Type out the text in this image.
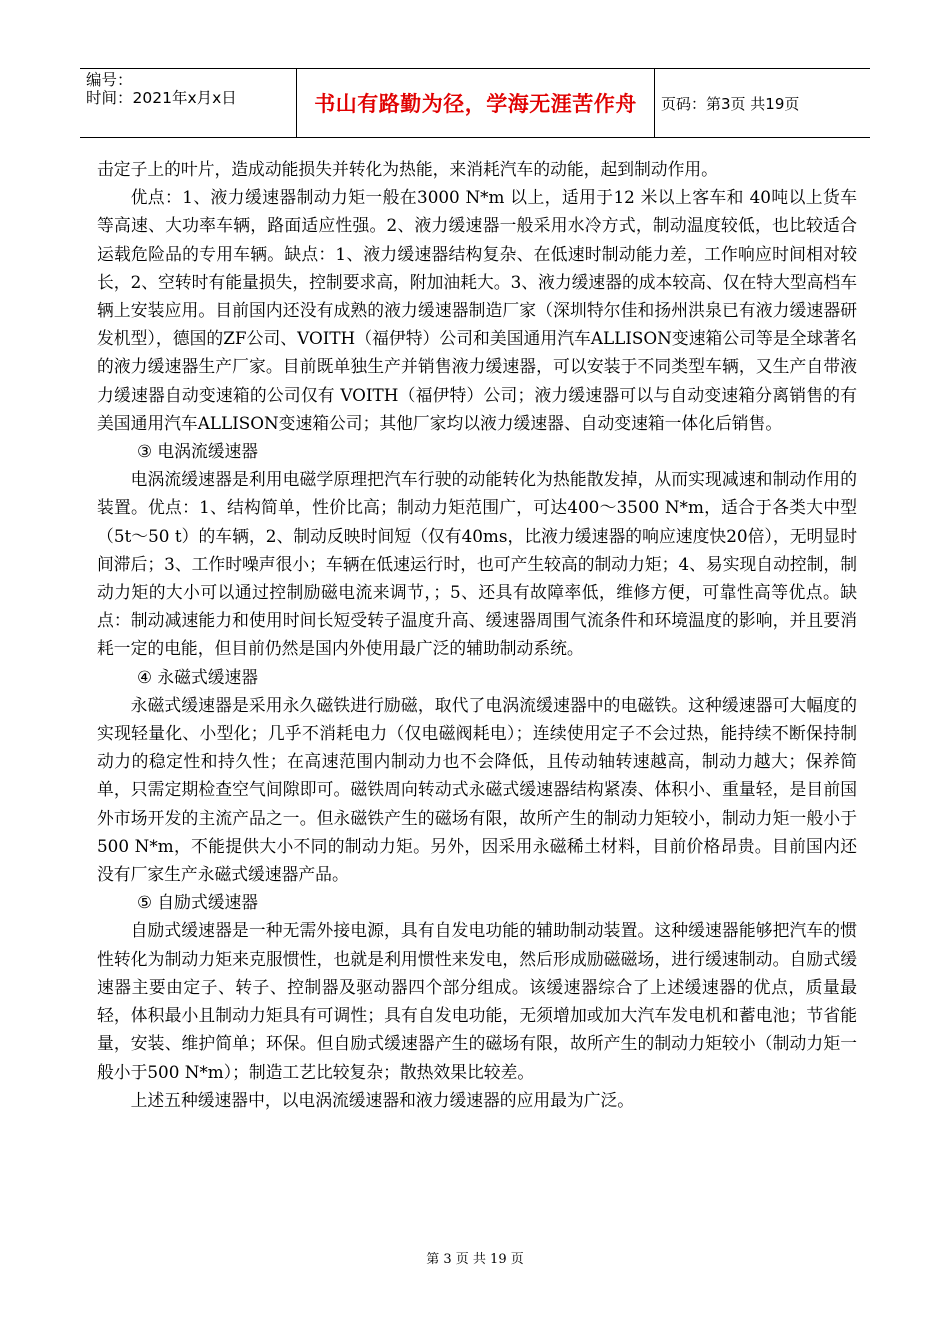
编号：
时间：2021年x月x日	书山有路勤为径，学海无涯苦作舟	页码：第3页 共19页

击定子上的叶片，造成动能损失并转化为热能，来消耗汽车的动能，起到制动作用。

优点：1、液力缓速器制动力矩一般在3000 N*m 以上，适用于12 米以上客车和 40吨以上货车等高速、大功率车辆，路面适应性强。2、液力缓速器一般采用水冷方式，制动温度较低，也比较适合运载危险品的专用车辆。缺点：1、液力缓速器结构复杂、在低速时制动能力差，工作响应时间相对较长，2、空转时有能量损失，控制要求高，附加油耗大。3、液力缓速器的成本较高、仅在特大型高档车辆上安装应用。目前国内还没有成熟的液力缓速器制造厂家（深圳特尔佳和扬州洪泉已有液力缓速器研发机型），德国的ZF公司、VOITH（福伊特）公司和美国通用汽车ALLISON变速箱公司等是全球著名的液力缓速器生产厂家。目前既单独生产并销售液力缓速器，可以安装于不同类型车辆，又生产自带液力缓速器自动变速箱的公司仅有 VOITH（福伊特）公司；液力缓速器可以与自动变速箱分离销售的有美国通用汽车ALLISON变速箱公司；其他厂家均以液力缓速器、自动变速箱一体化后销售。

③ 电涡流缓速器

电涡流缓速器是利用电磁学原理把汽车行驶的动能转化为热能散发掉，从而实现减速和制动作用的装置。优点：1、结构简单，性价比高；制动力矩范围广，可达400～3500 N*m，适合于各类大中型（5t～50 t）的车辆，2、制动反映时间短（仅有40ms，比液力缓速器的响应速度快20倍），无明显时间滞后；3、工作时噪声很小；车辆在低速运行时，也可产生较高的制动力矩；4、易实现自动控制，制动力矩的大小可以通过控制励磁电流来调节，；5、还具有故障率低，维修方便，可靠性高等优点。缺点：制动减速能力和使用时间长短受转子温度升高、缓速器周围气流条件和环境温度的影响，并且要消耗一定的电能，但目前仍然是国内外使用最广泛的辅助制动系统。

④ 永磁式缓速器

永磁式缓速器是采用永久磁铁进行励磁，取代了电涡流缓速器中的电磁铁。这种缓速器可大幅度的实现轻量化、小型化；几乎不消耗电力（仅电磁阀耗电）；连续使用定子不会过热，能持续不断保持制动力的稳定性和持久性；在高速范围内制动力也不会降低，且传动轴转速越高，制动力越大；保养简单，只需定期检查空气间隙即可。磁铁周向转动式永磁式缓速器结构紧凑、体积小、重量轻，是目前国外市场开发的主流产品之一。但永磁铁产生的磁场有限，故所产生的制动力矩较小，制动力矩一般小于500 N*m，不能提供大小不同的制动力矩。另外，因采用永磁稀土材料，目前价格昂贵。目前国内还没有厂家生产永磁式缓速器产品。

⑤ 自励式缓速器

自励式缓速器是一种无需外接电源，具有自发电功能的辅助制动装置。这种缓速器能够把汽车的惯性转化为制动力矩来克服惯性，也就是利用惯性来发电，然后形成励磁磁场，进行缓速制动。自励式缓速器主要由定子、转子、控制器及驱动器四个部分组成。该缓速器综合了上述缓速器的优点，质量最轻，体积最小且制动力矩具有可调性；具有自发电功能，无须增加或加大汽车发电机和蓄电池；节省能量，安装、维护简单；环保。但自励式缓速器产生的磁场有限，故所产生的制动力矩较小（制动力矩一般小于500 N*m）；制造工艺比较复杂；散热效果比较差。

上述五种缓速器中，以电涡流缓速器和液力缓速器的应用最为广泛。

第 3 页 共 19 页
